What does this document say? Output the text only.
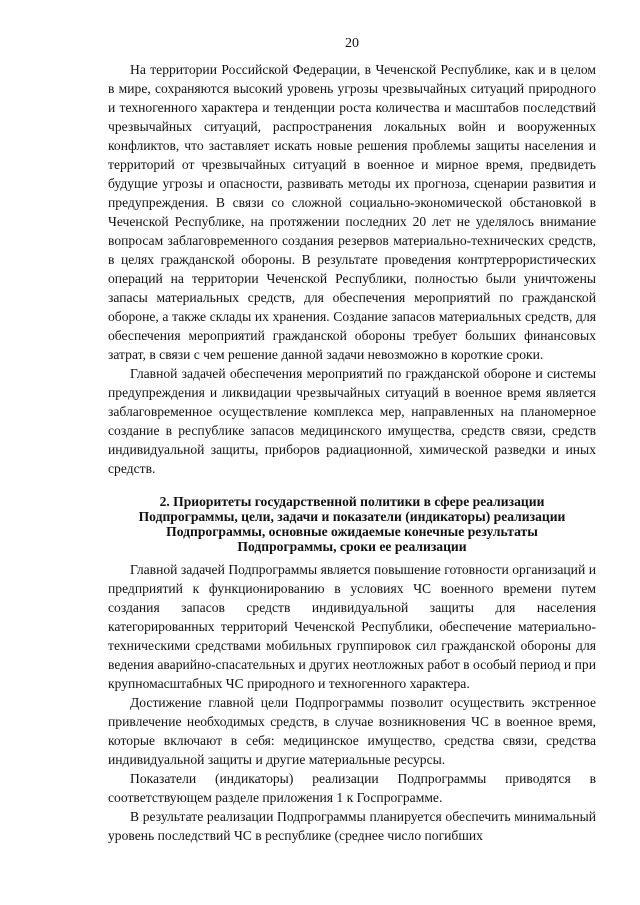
20

На территории Российской Федерации, в Чеченской Республике, как и в целом в мире, сохраняются высокий уровень угрозы чрезвычайных ситуаций природного и техногенного характера и тенденции роста количества и масштабов последствий чрезвычайных ситуаций, распространения локальных войн и вооруженных конфликтов, что заставляет искать новые решения проблемы защиты населения и территорий от чрезвычайных ситуаций в военное и мирное время, предвидеть будущие угрозы и опасности, развивать методы их прогноза, сценарии развития и предупреждения. В связи со сложной социально-экономической обстановкой в Чеченской Республике, на протяжении последних 20 лет не уделялось внимание вопросам заблаговременного создания резервов материально-технических средств, в целях гражданской обороны. В результате проведения контртеррористических операций на территории Чеченской Республики, полностью были уничтожены запасы материальных средств, для обеспечения мероприятий по гражданской обороне, а также склады их хранения. Создание запасов материальных средств, для обеспечения мероприятий гражданской обороны требует больших финансовых затрат, в связи с чем решение данной задачи невозможно в короткие сроки.

Главной задачей обеспечения мероприятий по гражданской обороне и системы предупреждения и ликвидации чрезвычайных ситуаций в военное время является заблаговременное осуществление комплекса мер, направленных на планомерное создание в республике запасов медицинского имущества, средств связи, средств индивидуальной защиты, приборов радиационной, химической разведки и иных средств.

2. Приоритеты государственной политики в сфере реализации
Подпрограммы, цели, задачи и показатели (индикаторы) реализации
Подпрограммы, основные ожидаемые конечные результаты
Подпрограммы, сроки ее реализации

Главной задачей Подпрограммы является повышение готовности организаций и предприятий к функционированию в условиях ЧС военного времени путем создания запасов средств индивидуальной защиты для населения категорированных территорий Чеченской Республики, обеспечение материально-техническими средствами мобильных группировок сил гражданской обороны для ведения аварийно-спасательных и других неотложных работ в особый период и при крупномасштабных ЧС природного и техногенного характера.

Достижение главной цели Подпрограммы позволит осуществить экстренное привлечение необходимых средств, в случае возникновения ЧС в военное время, которые включают в себя: медицинское имущество, средства связи, средства индивидуальной защиты и другие материальные ресурсы.

Показатели (индикаторы) реализации Подпрограммы приводятся в соответствующем разделе приложения 1 к Госпрограмме.

В результате реализации Подпрограммы планируется обеспечить минимальный уровень последствий ЧС в республике (среднее число погибших
